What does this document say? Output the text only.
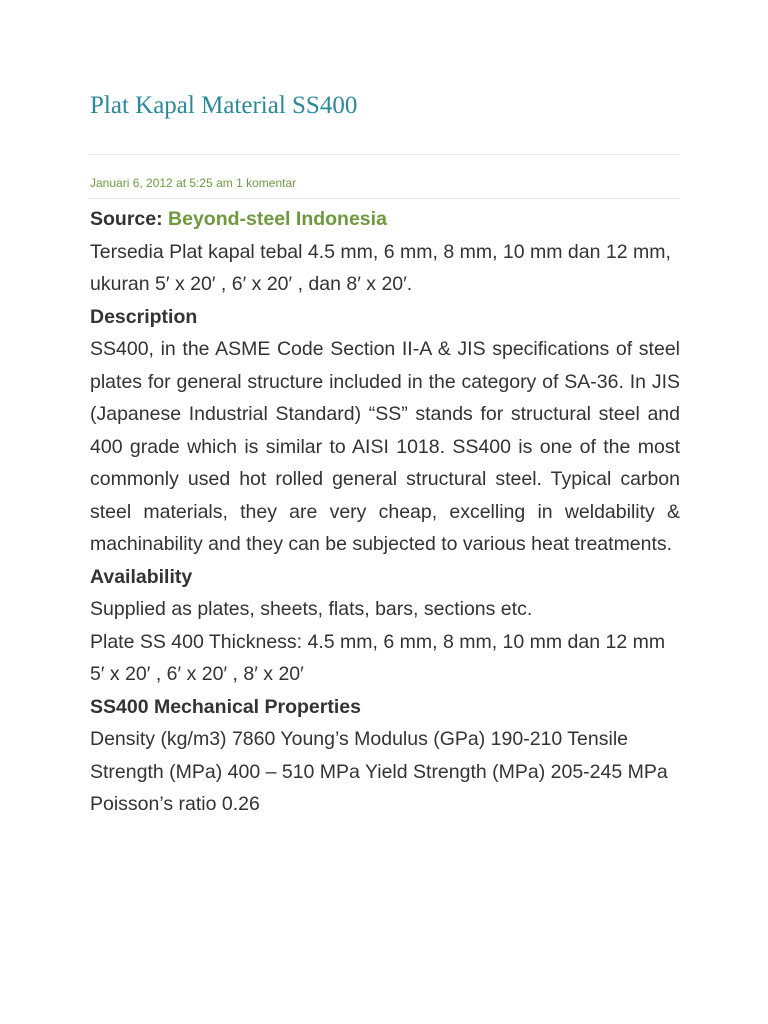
Plat Kapal Material SS400
Januari 6, 2012 at 5:25 am 1 komentar

Source: Beyond-steel Indonesia

Tersedia Plat kapal tebal 4.5 mm, 6 mm, 8 mm, 10 mm dan 12 mm, ukuran 5′ x 20′ , 6′ x 20′ , dan 8′ x 20′.

Description

SS400, in the ASME Code Section II-A & JIS specifications of steel plates for general structure included in the category of SA-36. In JIS (Japanese Industrial Standard) “SS” stands for structural steel and 400 grade which is similar to AISI 1018. SS400 is one of the most commonly used hot rolled general structural steel. Typical carbon steel materials, they are very cheap, excelling in weldability & machinability and they can be subjected to various heat treatments.

Availability

Supplied as plates, sheets, flats, bars, sections etc.

Plate SS 400 Thickness: 4.5 mm, 6 mm, 8 mm, 10 mm dan 12 mm

5′ x 20′ , 6′ x 20′ , 8′ x 20′

SS400 Mechanical Properties

Density (kg/m3) 7860 Young’s Modulus (GPa) 190-210 Tensile Strength (MPa) 400 – 510 MPa Yield Strength (MPa) 205-245 MPa Poisson’s ratio 0.26
